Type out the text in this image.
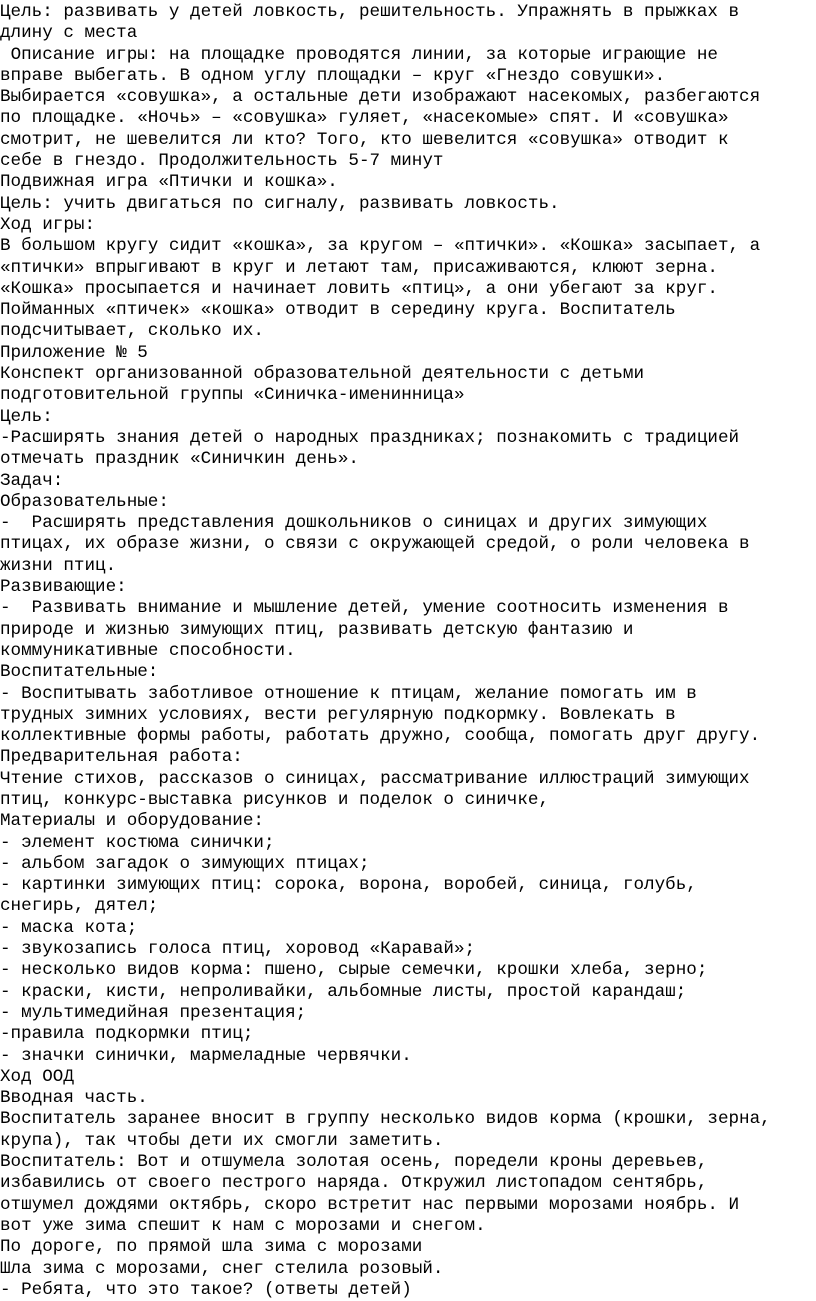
Цель: развивать у детей ловкость, решительность. Упражнять в прыжках в

длину с места

Описание игры: на площадке проводятся линии, за которые играющие не

вправе выбегать. В одном углу площадки – круг «Гнездо совушки».

Выбирается «совушка», а остальные дети изображают насекомых, разбегаются

по площадке. «Ночь» – «совушка» гуляет, «насекомые» спят. И «совушка»

смотрит, не шевелится ли кто? Того, кто шевелится «совушка» отводит к

себе в гнездо. Продолжительность 5-7 минут

Подвижная игра «Птички и кошка».

Цель: учить двигаться по сигналу, развивать ловкость.

Ход игры:

В большом кругу сидит «кошка», за кругом – «птички». «Кошка» засыпает, а

«птички» впрыгивают в круг и летают там, присаживаются, клюют зерна.

«Кошка» просыпается и начинает ловить «птиц», а они убегают за круг.

Пойманных «птичек» «кошка» отводит в середину круга. Воспитатель

подсчитывает, сколько их.

Приложение № 5

Конспект организованной образовательной деятельности с детьми

подготовительной группы «Синичка-именинница»

Цель:

-Расширять знания детей о народных праздниках; познакомить с традицией

отмечать праздник «Синичкин день».

Задач:

Образовательные:

-  Расширять представления дошкольников о синицах и других зимующих

птицах, их образе жизни, о связи с окружающей средой, о роли человека в

жизни птиц.

Развивающие:

-  Развивать внимание и мышление детей, умение соотносить изменения в

природе и жизнью зимующих птиц, развивать детскую фантазию и

коммуникативные способности.

Воспитательные:

- Воспитывать заботливое отношение к птицам, желание помогать им в

трудных зимних условиях, вести регулярную подкормку. Вовлекать в

коллективные формы работы, работать дружно, сообща, помогать друг другу.

Предварительная работа:

Чтение стихов, рассказов о синицах, рассматривание иллюстраций зимующих

птиц, конкурс-выставка рисунков и поделок о синичке,

Материалы и оборудование:

- элемент костюма синички;

- альбом загадок о зимующих птицах;

- картинки зимующих птиц: сорока, ворона, воробей, синица, голубь,

снегирь, дятел;

- маска кота;

- звукозапись голоса птиц, хоровод «Каравай»;

- несколько видов корма: пшено, сырые семечки, крошки хлеба, зерно;

- краски, кисти, непроливайки, альбомные листы, простой карандаш;

- мультимедийная презентация;

-правила подкормки птиц;

- значки синички, мармеладные червячки.

Ход ООД

Вводная часть.

Воспитатель заранее вносит в группу несколько видов корма (крошки, зерна,

крупа), так чтобы дети их смогли заметить.

Воспитатель: Вот и отшумела золотая осень, поредели кроны деревьев,

избавились от своего пестрого наряда. Открyжил листопадом сентябрь,

отшумел дождями октябрь, скоро встретит нас первыми морозами ноябрь. И

вот уже зима спешит к нам с морозами и снегом.

По дороге, по прямой шла зима с морозами

Шла зима с морозами, снег стелила розовый.

- Ребята, что это такое? (ответы детей)
